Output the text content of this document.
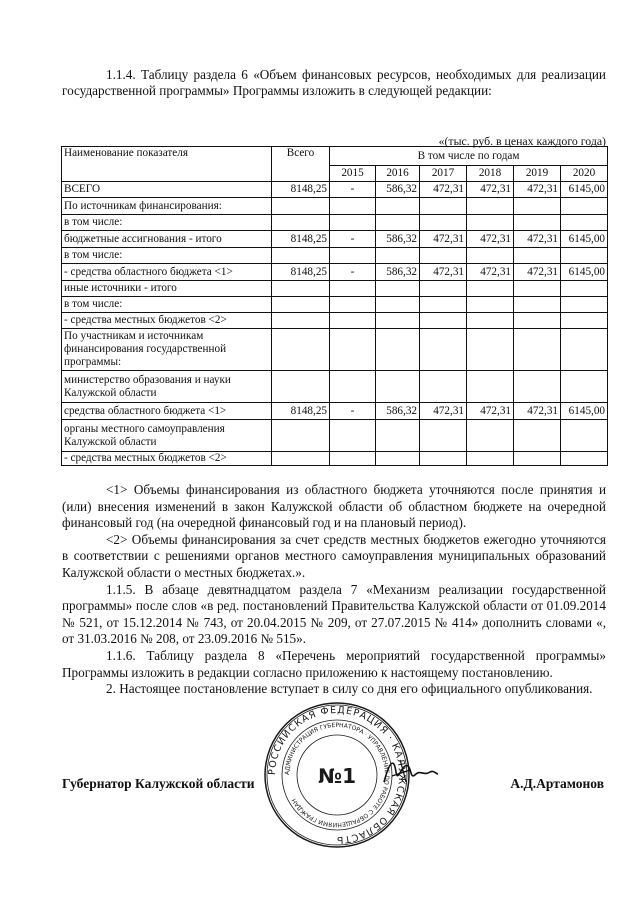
1.1.4. Таблицу раздела 6 «Объем финансовых ресурсов, необходимых для реализации государственной программы» Программы изложить в следующей редакции:
«(тыс. руб. в ценах каждого года)
Наименование показателя	Всего	В том числе по годам					
		2015	2016	2017	2018	2019	2020
ВСЕГО	8148,25	-	586,32	472,31	472,31	472,31	6145,00
По источникам финансирования:							
в том числе:							
бюджетные ассигнования - итого	8148,25	-	586,32	472,31	472,31	472,31	6145,00
в том числе:							
- средства областного бюджета <1>	8148,25	-	586,32	472,31	472,31	472,31	6145,00
иные источники - итого							
в том числе:							
- средства местных бюджетов <2>							
По участникам и источникам финансирования государственной программы:							
министерство образования и науки Калужской области							
средства областного бюджета <1>	8148,25	-	586,32	472,31	472,31	472,31	6145,00
органы местного самоуправления Калужской области							
- средства местных бюджетов <2>							

<1> Объемы финансирования из областного бюджета уточняются после принятия и (или) внесения изменений в закон Калужской области об областном бюджете на очередной финансовый год (на очередной финансовый год и на плановый период).

<2> Объемы финансирования за счет средств местных бюджетов ежегодно уточняются в соответствии с решениями органов местного самоуправления муниципальных образований Калужской области о местных бюджетах.».

1.1.5. В абзаце девятнадцатом раздела 7 «Механизм реализации государственной программы» после слов «в ред. постановлений Правительства Калужской области от 01.09.2014 № 521, от 15.12.2014 № 743, от 20.04.2015 № 209, от 27.07.2015 № 414» дополнить словами «, от 31.03.2016 № 208, от 23.09.2016 № 515».

1.1.6. Таблицу раздела 8 «Перечень мероприятий государственной программы» Программы изложить в редакции согласно приложению к настоящему постановлению.

2. Настоящее постановление вступает в силу со дня его официального опубликования.

Губернатор Калужской области
РОССИЙСКАЯ ФЕДЕРАЦИЯ · КАЛУЖСКАЯ ОБЛАСТЬ
АДМИНИСТРАЦИЯ ГУБЕРНАТОРА · УПРАВЛЕНИЕ ПО РАБОТЕ С ОБРАЩЕНИЯМИ ГРАЖДАН
№1	А.Д.Артамонов
